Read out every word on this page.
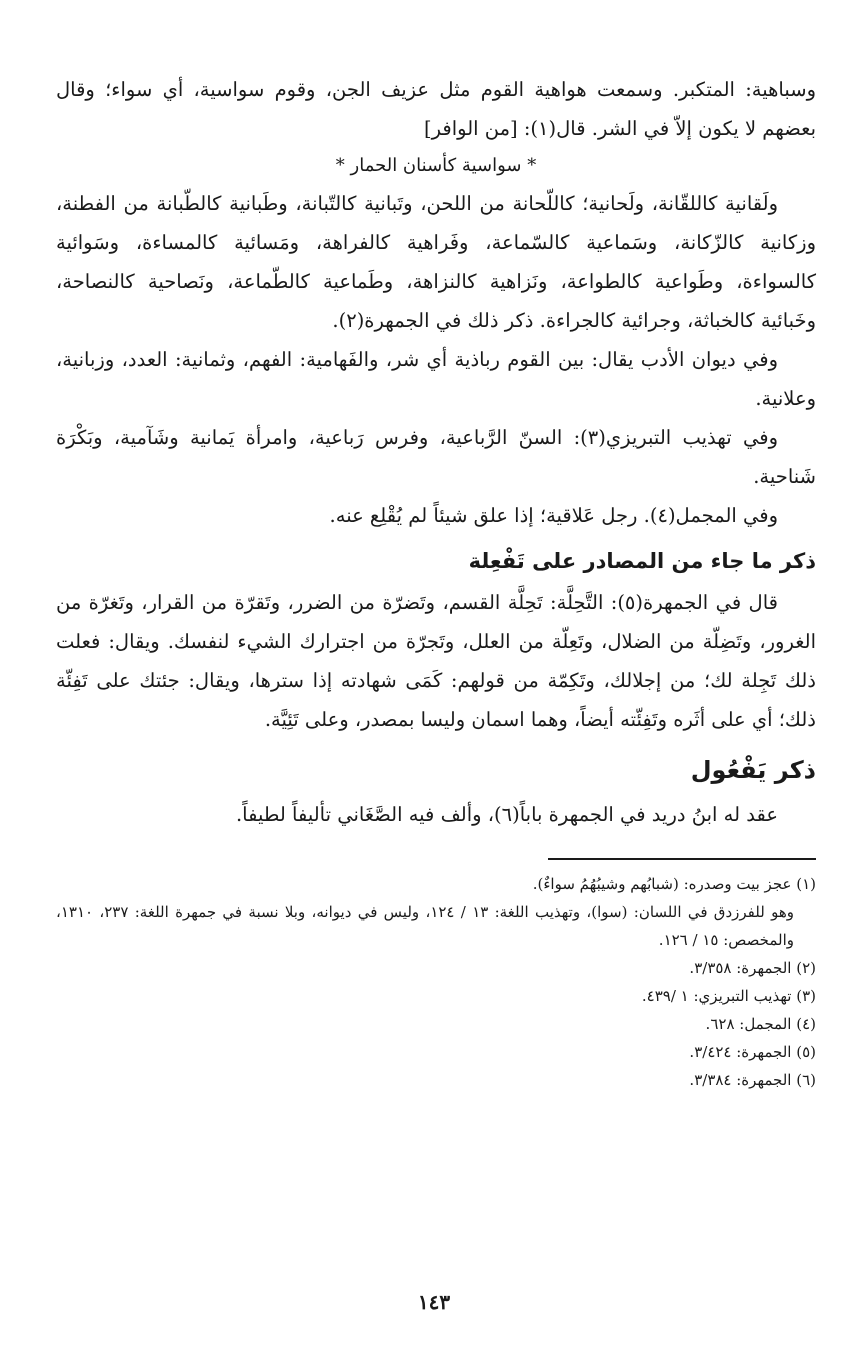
وسباهية: المتكبر. وسمعت هواهية القوم مثل عزيف الجن، وقوم سواسية، أي سواء؛ وقال بعضهم لا يكون إلاّ في الشر. قال(١): [من الوافر]

* سواسية كأسنان الحمار *

ولَقانية كاللقّانة، ولَحانية؛ كاللّحانة من اللحن، وتَبانية كالتّبانة، وطَبانية كالطّبانة من الفطنة، وزكانية كالزّكانة، وسَماعية كالسّماعة، وفَراهية كالفراهة، ومَسائية كالمساءة، وسَوائية كالسواءة، وطَواعية كالطواعة، ونَزاهية كالنزاهة، وطَماعية كالطّماعة، ونَصاحية كالنصاحة، وخَبائية كالخباثة، وجرائية كالجراءة. ذكر ذلك في الجمهرة(٢).

وفي ديوان الأدب يقال: بين القوم رباذية أي شر، والفَهامية: الفهم، وثمانية: العدد، وزبانية، وعلانية.

وفي تهذيب التبريزي(٣): السنّ الرَّباعية، وفرس رَباعية، وامرأة يَمانية وشَآمية، وبَكْرَة شَناحية.

وفي المجمل(٤). رجل عَلاقية؛ إذا علق شيئاً لم يُقْلِع عنه.

ذكر ما جاء من المصادر على تَفْعِلة

قال في الجمهرة(٥): التَّحِلَّة: تَحِلَّة القسم، وتَضرّة من الضرر، وتَقرّة من القرار، وتَغرّة من الغرور، وتَضِلّة من الضلال، وتَعِلّة من العلل، وتَجرّة من اجترارك الشيء لنفسك. ويقال: فعلت ذلك تَجِلة لك؛ من إجلالك، وتَكِمّة من قولهم: كَمَى شهادته إذا سترها، ويقال: جئتك على تَفِئّة ذلك؛ أي على أثَره وتَفِئّته أيضاً، وهما اسمان وليسا بمصدر، وعلى تَئِيَّة.

ذكر يَفْعُول

عقد له ابنُ دريد في الجمهرة باباً(٦)، وألف فيه الصَّغَاني تأليفاً لطيفاً.

(١) عجز بيت وصدره: (شبابُهم وشيبُهُمُ سواءٌ).

وهو للفرزدق في اللسان: (سوا)، وتهذيب اللغة: ١٣ / ١٢٤، وليس في ديوانه، وبلا نسبة في جمهرة اللغة: ٢٣٧، ١٣١٠، والمخصص: ١٥ / ١٢٦.

(٢) الجمهرة: ٣/٣٥٨.

(٣) تهذيب التبريزي: ١ /٤٣٩.

(٤) المجمل: ٦٢٨.

(٥) الجمهرة: ٣/٤٢٤.

(٦) الجمهرة: ٣/٣٨٤.

١٤٣
